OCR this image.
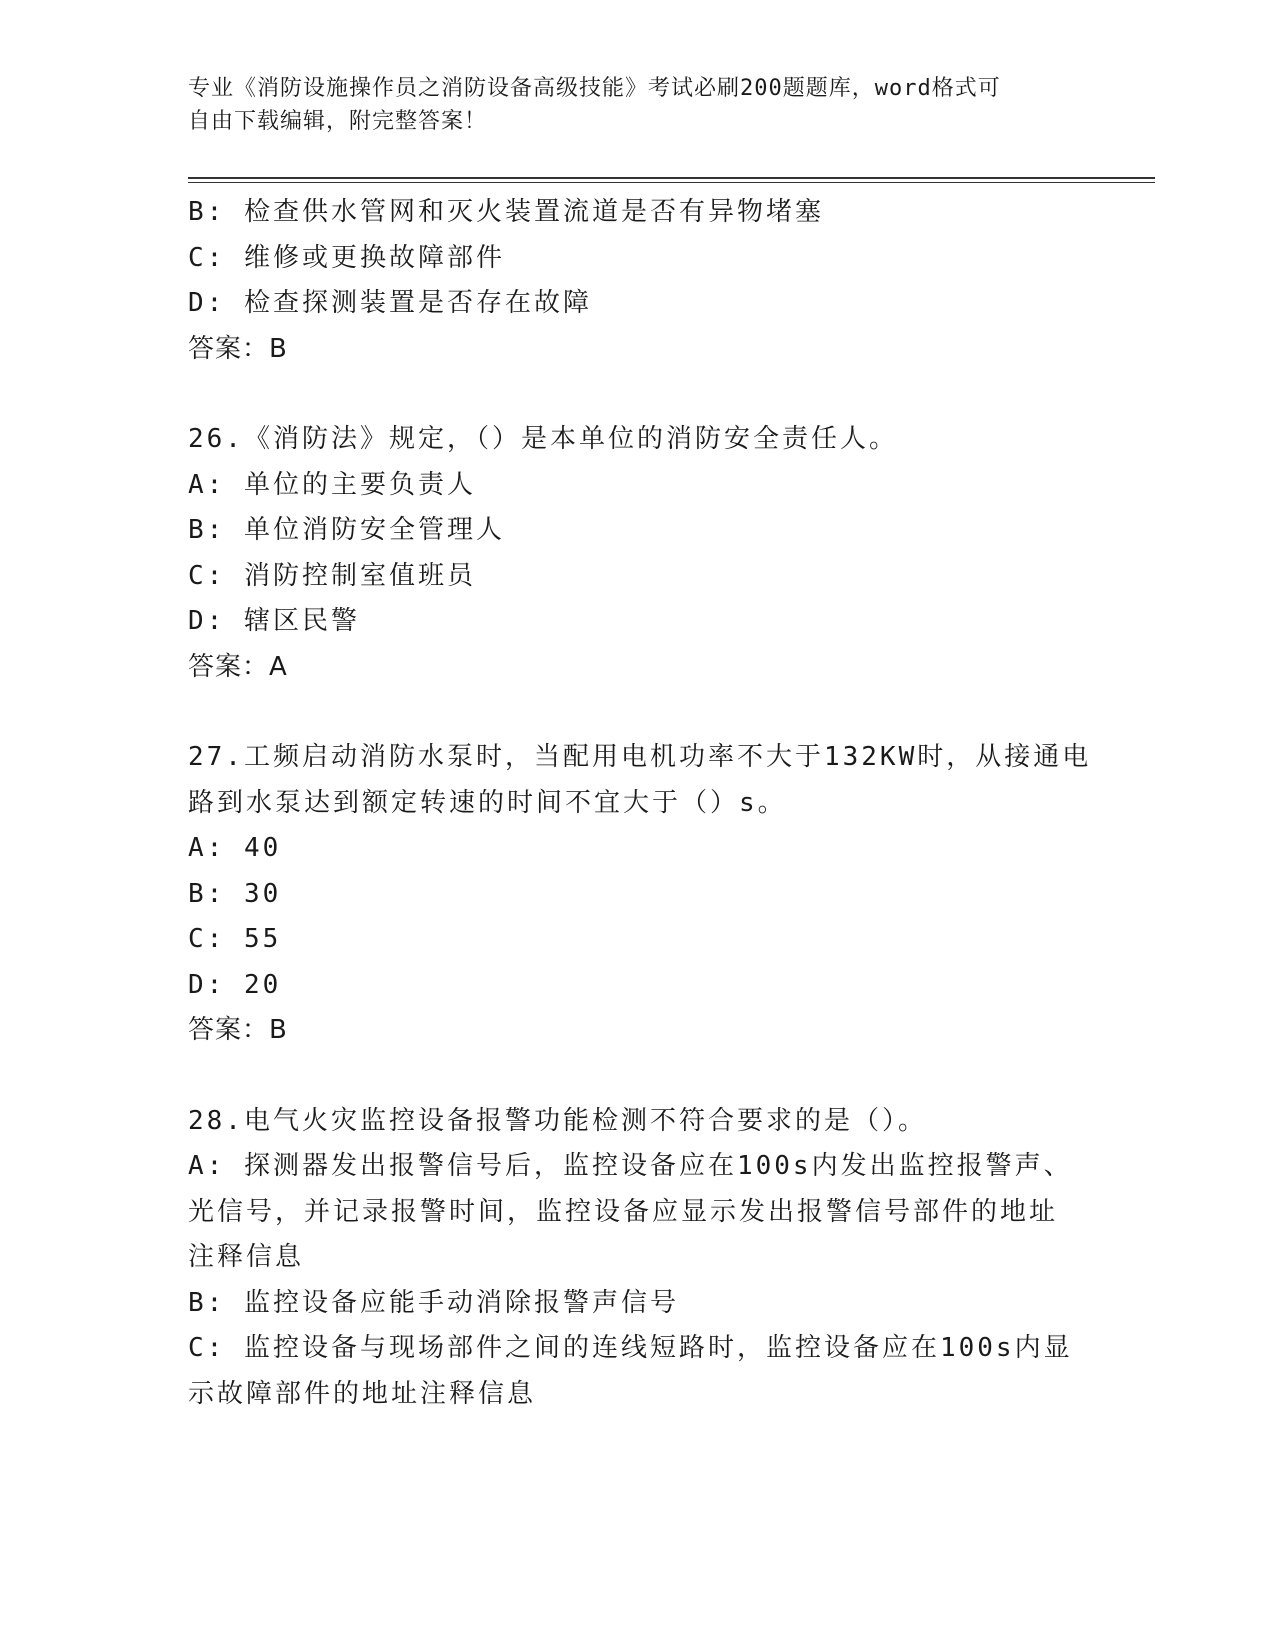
专业《消防设施操作员之消防设备高级技能》考试必刷200题题库，word格式可
自由下载编辑，附完整答案！
B: 检查供水管网和灭火装置流道是否有异物堵塞
C: 维修或更换故障部件
D: 检查探测装置是否存在故障
答案：B
26.《消防法》规定，（）是本单位的消防安全责任人。
A: 单位的主要负责人
B: 单位消防安全管理人
C: 消防控制室值班员
D: 辖区民警
答案：A
27.工频启动消防水泵时，当配用电机功率不大于132KW时，从接通电
路到水泵达到额定转速的时间不宜大于（）s。
A: 40
B: 30
C: 55
D: 20
答案：B
28.电气火灾监控设备报警功能检测不符合要求的是（）。
A: 探测器发出报警信号后，监控设备应在100s内发出监控报警声、
光信号，并记录报警时间，监控设备应显示发出报警信号部件的地址
注释信息
B: 监控设备应能手动消除报警声信号
C: 监控设备与现场部件之间的连线短路时，监控设备应在100s内显
示故障部件的地址注释信息
